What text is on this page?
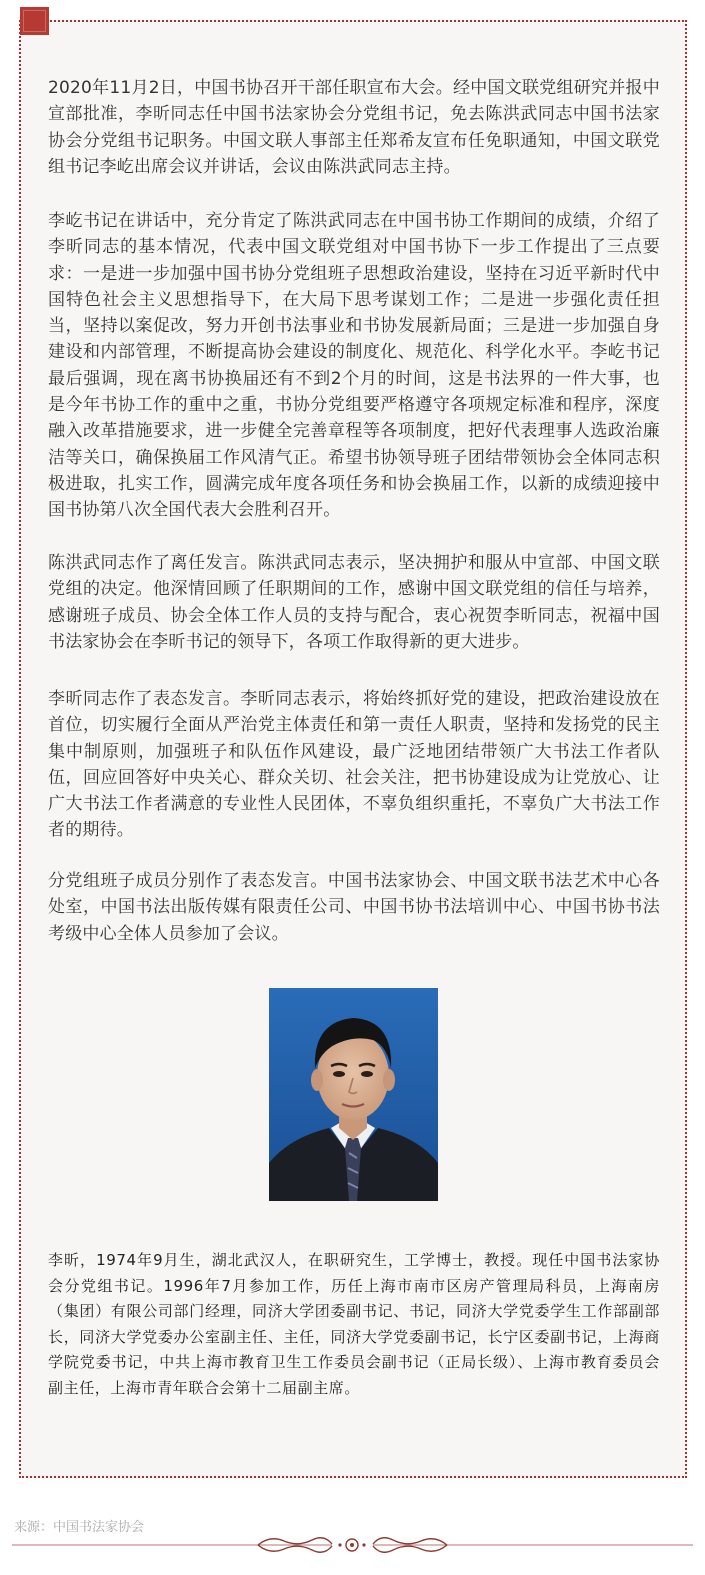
2020年11月2日，中国书协召开干部任职宣布大会。经中国文联党组研究并报中宣部批准，李昕同志任中国书法家协会分党组书记，免去陈洪武同志中国书法家协会分党组书记职务。中国文联人事部主任郑希友宣布任免职通知，中国文联党组书记李屹出席会议并讲话，会议由陈洪武同志主持。

李屹书记在讲话中，充分肯定了陈洪武同志在中国书协工作期间的成绩，介绍了李昕同志的基本情况，代表中国文联党组对中国书协下一步工作提出了三点要求：一是进一步加强中国书协分党组班子思想政治建设，坚持在习近平新时代中国特色社会主义思想指导下，在大局下思考谋划工作；二是进一步强化责任担当，坚持以案促改，努力开创书法事业和书协发展新局面；三是进一步加强自身建设和内部管理，不断提高协会建设的制度化、规范化、科学化水平。李屹书记最后强调，现在离书协换届还有不到2个月的时间，这是书法界的一件大事，也是今年书协工作的重中之重，书协分党组要严格遵守各项规定标准和程序，深度融入改革措施要求，进一步健全完善章程等各项制度，把好代表理事人选政治廉洁等关口，确保换届工作风清气正。希望书协领导班子团结带领协会全体同志积极进取，扎实工作，圆满完成年度各项任务和协会换届工作，以新的成绩迎接中国书协第八次全国代表大会胜利召开。

陈洪武同志作了离任发言。陈洪武同志表示，坚决拥护和服从中宣部、中国文联党组的决定。他深情回顾了任职期间的工作，感谢中国文联党组的信任与培养，感谢班子成员、协会全体工作人员的支持与配合，衷心祝贺李昕同志，祝福中国书法家协会在李昕书记的领导下，各项工作取得新的更大进步。

李昕同志作了表态发言。李昕同志表示，将始终抓好党的建设，把政治建设放在首位，切实履行全面从严治党主体责任和第一责任人职责，坚持和发扬党的民主集中制原则，加强班子和队伍作风建设，最广泛地团结带领广大书法工作者队伍，回应回答好中央关心、群众关切、社会关注，把书协建设成为让党放心、让广大书法工作者满意的专业性人民团体，不辜负组织重托，不辜负广大书法工作者的期待。

分党组班子成员分别作了表态发言。中国书法家协会、中国文联书法艺术中心各处室，中国书法出版传媒有限责任公司、中国书协书法培训中心、中国书协书法考级中心全体人员参加了会议。

李昕，1974年9月生，湖北武汉人，在职研究生，工学博士，教授。现任中国书法家协会分党组书记。1996年7月参加工作，历任上海市南市区房产管理局科员，上海南房（集团）有限公司部门经理，同济大学团委副书记、书记，同济大学党委学生工作部副部长，同济大学党委办公室副主任、主任，同济大学党委副书记，长宁区委副书记，上海商学院党委书记，中共上海市教育卫生工作委员会副书记（正局长级）、上海市教育委员会副主任，上海市青年联合会第十二届副主席。

来源：中国书法家协会
